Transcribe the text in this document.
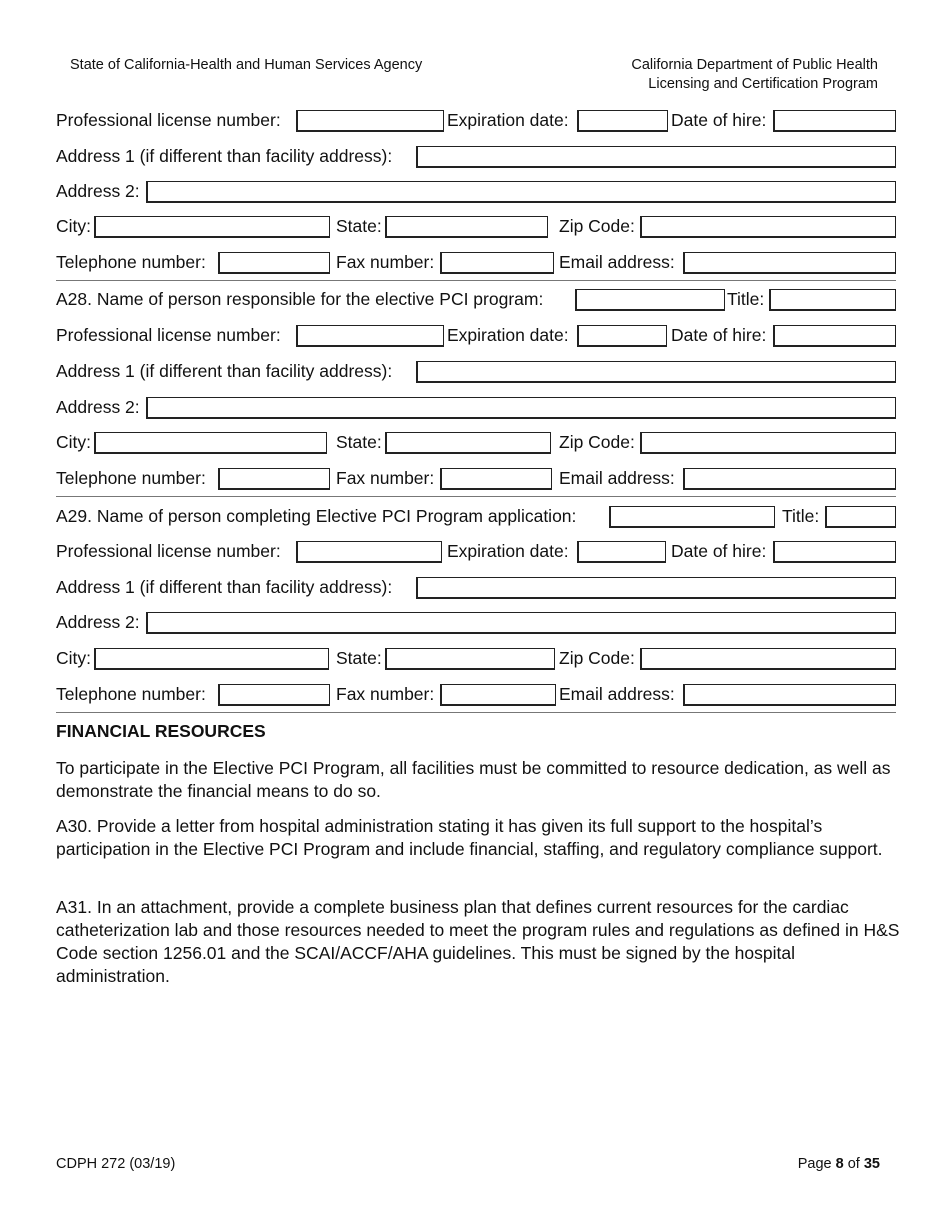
State of California-Health and Human Services Agency	California Department of Public Health
Licensing and Certification Program
Professional license number:	Expiration date:	Date of hire:
Address 1 (if different than facility address):
Address 2:
City:	State:	Zip Code:
Telephone number:	Fax number:	Email address:
A28. Name of person responsible for the elective PCI program:	Title:
Professional license number:	Expiration date:	Date of hire:
Address 1 (if different than facility address):
Address 2:
City:	State:	Zip Code:
Telephone number:	Fax number:	Email address:
A29. Name of person completing Elective PCI Program application:	Title:
Professional license number:	Expiration date:	Date of hire:
Address 1 (if different than facility address):
Address 2:
City:	State:	Zip Code:
Telephone number:	Fax number:	Email address:
FINANCIAL RESOURCES

To participate in the Elective PCI Program, all facilities must be committed to resource dedication, as well as demonstrate the financial means to do so.

A30. Provide a letter from hospital administration stating it has given its full support to the hospital’s participation in the Elective PCI Program and include financial, staffing, and regulatory compliance support.

A31. In an attachment, provide a complete business plan that defines current resources for the cardiac catheterization lab and those resources needed to meet the program rules and regulations as defined in H&S Code section 1256.01 and the SCAI/ACCF/AHA guidelines. This must be signed by the hospital administration.

CDPH 272 (03/19)	Page 8 of 35
